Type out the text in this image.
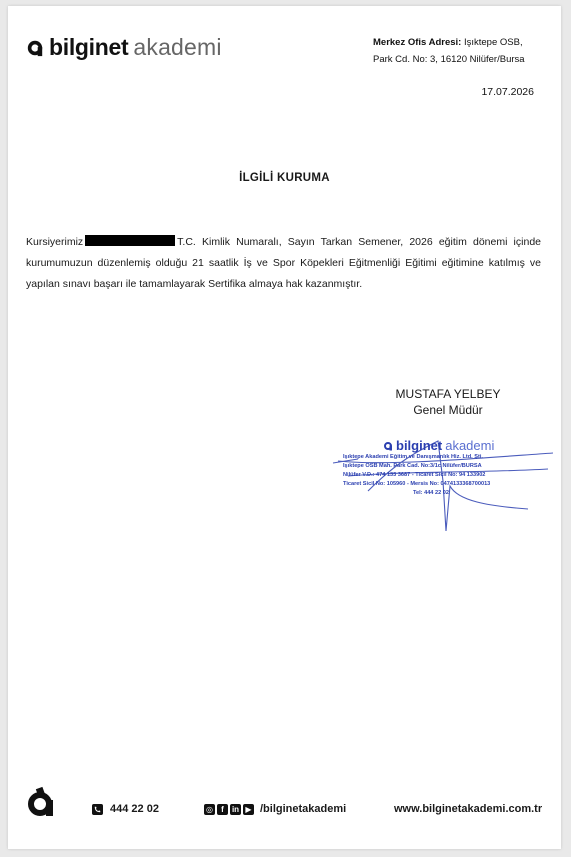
bilginet akademi	Merkez Ofis Adresi: Işıktepe OSB,
Park Cd. No: 3, 16120 Nilüfer/Bursa
17.07.2026
İLGİLİ KURUMA
Kursiyerimiz	T.C. Kimlik Numaralı, Sayın Tarkan Semener, 2026 eğitim dönemi içinde kurumumuzun düzenlemiş olduğu 21 saatlik İş ve Spor Köpekleri Eğitmenliği Eğitimi eğitimine katılmış ve yapılan sınavı başarı ile tamamlayarak Sertifika almaya hak kazanmıştır.
MUSTAFA YELBEY
Genel Müdür
bilginet akademi
Işıktepe Akademi Eğitim ve Danışmanlık Hiz. Ltd. Şti.
Işıktepe OSB Mah. Park Cad. No:3/1c Nilüfer/BURSA
Nilüfer V.D.: 474 133 3687 - Ticaret Sicil No: 94 133902
Ticaret Sicil No: 105960 - Mersis No: 0474133368700013
Tel: 444 22 02
444 22 02	◎	f	in ▶ /bilginetakademi	www.bilginetakademi.com.tr
